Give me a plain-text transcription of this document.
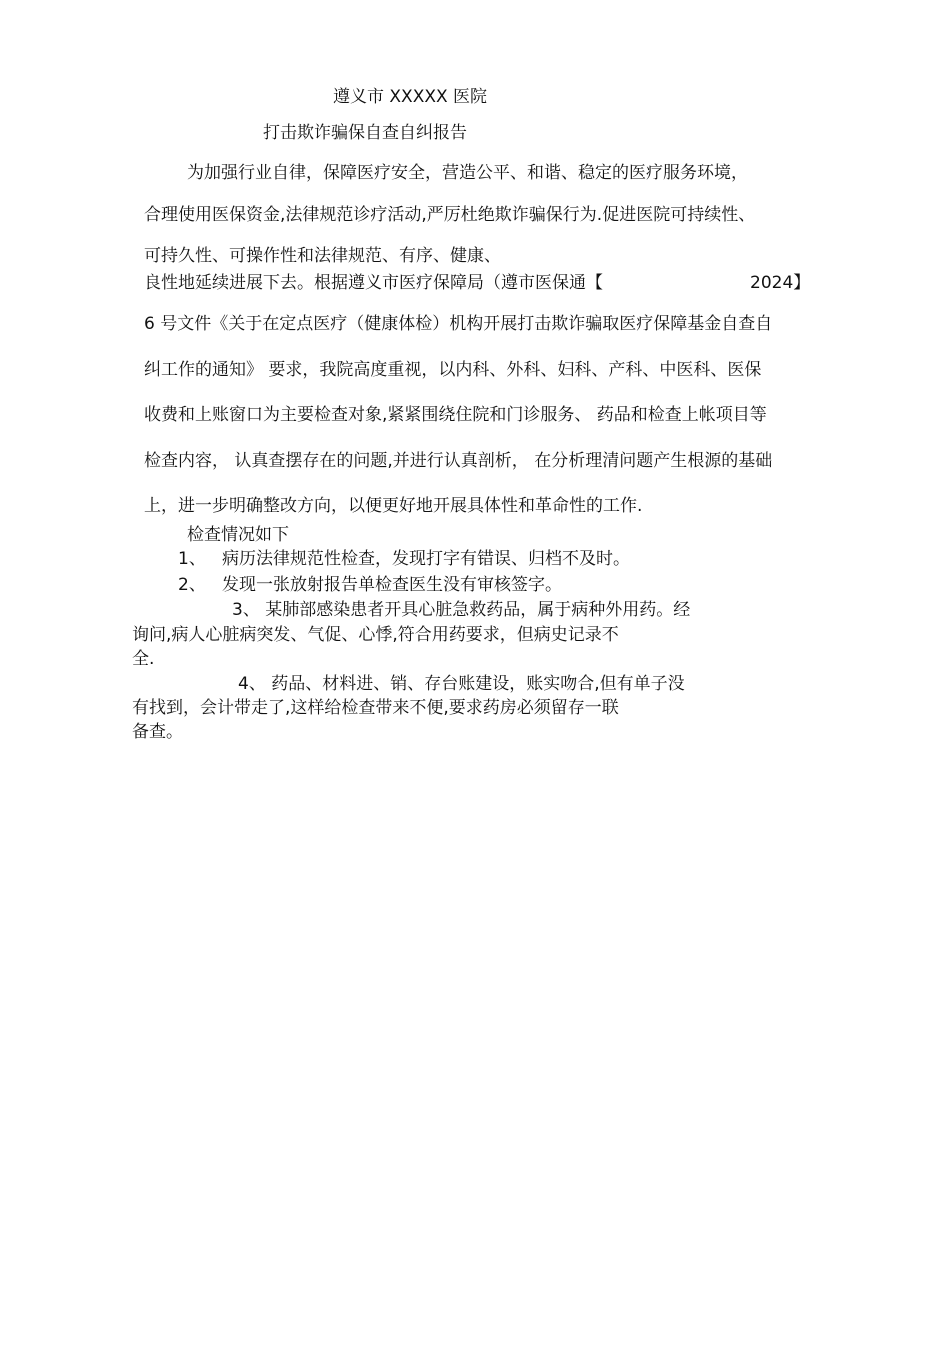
遵义市 XXXXX 医院
打击欺诈骗保自查自纠报告
为加强行业自律，保障医疗安全，营造公平、和谐、稳定的医疗服务环境，
合理使用医保资金,法律规范诊疗活动,严厉杜绝欺诈骗保行为.促进医院可持续性、
可持久性、可操作性和法律规范、有序、健康、
良性地延续进展下去。根据遵义市医疗保障局（遵市医保通【	2024】
6 号文件《关于在定点医疗（健康体检）机构开展打击欺诈骗取医疗保障基金自查自
纠工作的通知》 要求，我院高度重视，以内科、外科、妇科、产科、中医科、医保
收费和上账窗口为主要检查对象,紧紧围绕住院和门诊服务、 药品和检查上帐项目等
检查内容， 认真查摆存在的问题,并进行认真剖析， 在分析理清问题产生根源的基础
上，进一步明确整改方向，以便更好地开展具体性和革命性的工作.
检查情况如下
1、 病历法律规范性检查，发现打字有错误、归档不及时。
2、 发现一张放射报告单检查医生没有审核签字。
3、 某肺部感染患者开具心脏急救药品，属于病种外用药。经
询问,病人心脏病突发、气促、心悸,符合用药要求，但病史记录不
全.
4、 药品、材料进、销、存台账建设，账实吻合,但有单子没
有找到，会计带走了,这样给检查带来不便,要求药房必须留存一联
备查。
